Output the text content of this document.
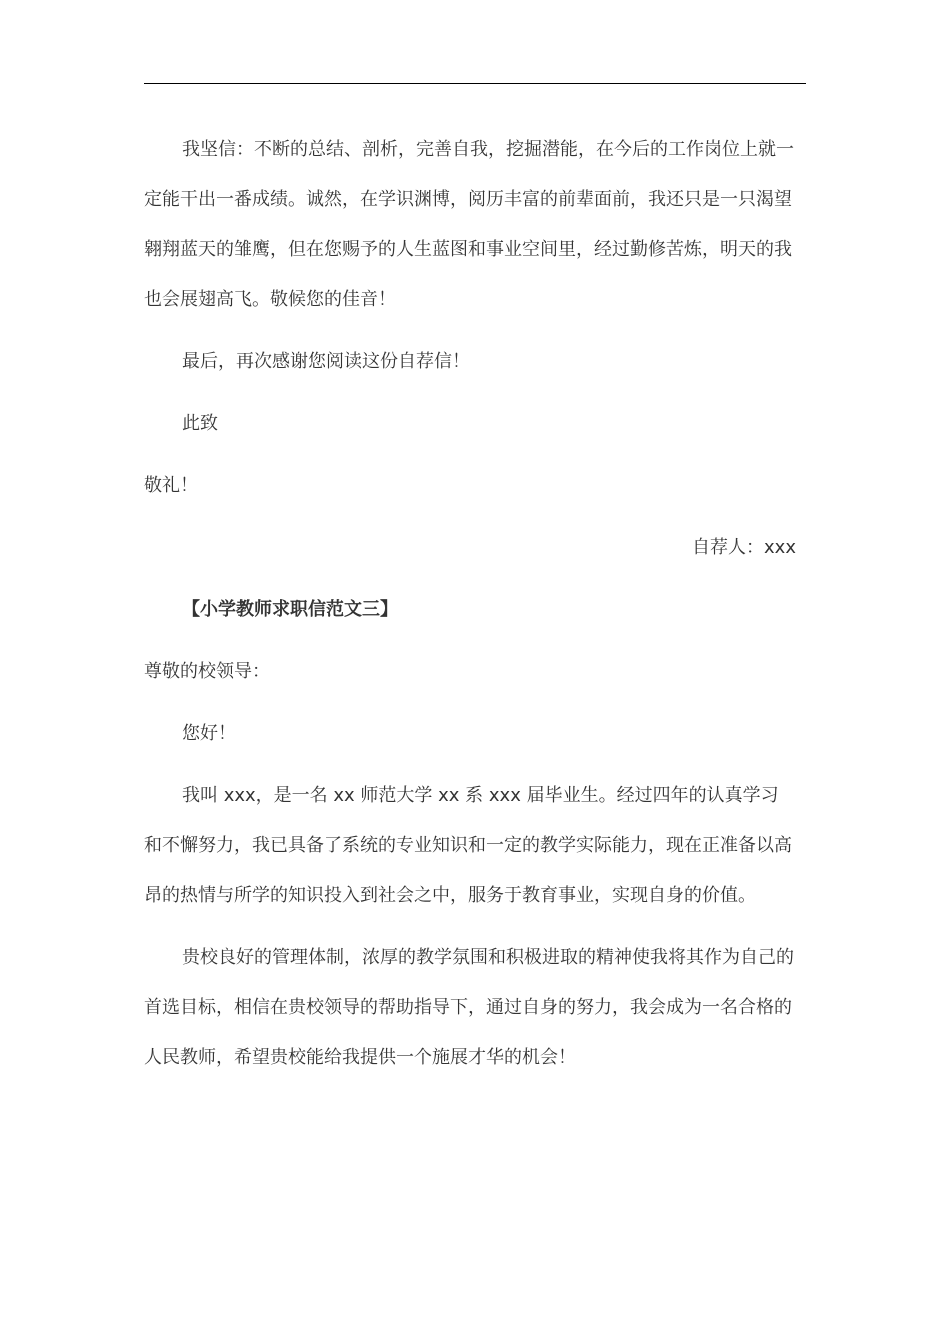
我坚信：不断的总结、剖析，完善自我，挖掘潜能，在今后的工作岗位上就一定能干出一番成绩。诚然，在学识渊博，阅历丰富的前辈面前，我还只是一只渴望翱翔蓝天的雏鹰，但在您赐予的人生蓝图和事业空间里，经过勤修苦炼，明天的我也会展翅高飞。敬候您的佳音！

最后，再次感谢您阅读这份自荐信！

此致

敬礼！

自荐人：xxx

【小学教师求职信范文三】

尊敬的校领导：

您好！

我叫 xxx，是一名 xx 师范大学 xx 系 xxx 届毕业生。经过四年的认真学习和不懈努力，我已具备了系统的专业知识和一定的教学实际能力，现在正准备以高昂的热情与所学的知识投入到社会之中，服务于教育事业，实现自身的价值。

贵校良好的管理体制，浓厚的教学氛围和积极进取的精神使我将其作为自己的首选目标，相信在贵校领导的帮助指导下，通过自身的努力，我会成为一名合格的人民教师，希望贵校能给我提供一个施展才华的机会！
